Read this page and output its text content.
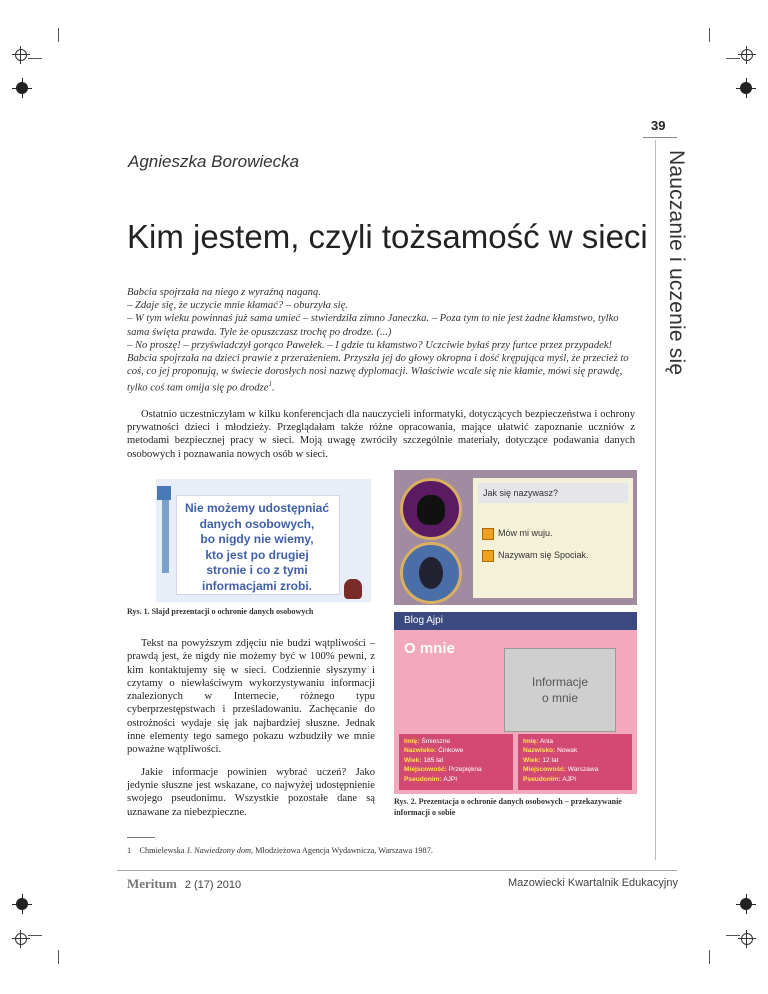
39
Nauczanie i uczenie się
Agnieszka Borowiecka
Kim jestem, czyli tożsamość w sieci

Babcia spojrzała na niego z wyraźną naganą.

– Zdaje się, że uczycie mnie kłamać? – oburzyła się.

– W tym wieku powinnaś już sama umieć – stwierdziła zimno Janeczka. – Poza tym to nie jest żadne kłamstwo, tylko sama święta prawda. Tyle że opuszczasz trochę po drodze. (...)

– No proszę! – przyświadczył gorąco Pawełek. – I gdzie tu kłamstwo? Uczciwie byłaś przy furtce przez przypadek!

Babcia spojrzała na dzieci prawie z przerażeniem. Przyszła jej do głowy okropna i dość krępująca myśl, że przecież to coś, co jej proponują, w świecie dorosłych nosi nazwę dyplomacji. Właściwie wcale się nie kłamie, mówi się prawdę, tylko coś tam omija się po drodze$^1$.

Ostatnio uczestniczyłam w kilku konferencjach dla nauczycieli informatyki, dotyczących bezpieczeństwa i ochrony prywatności dzieci i młodzieży. Przeglądałam także różne opracowania, mające ułatwić zapoznanie uczniów z metodami bezpiecznej pracy w sieci. Moją uwagę zwróciły szczególnie materiały, dotyczące podawania danych osobowych i poznawania nowych osób w sieci.
Nie możemy udostępniać
danych osobowych,
bo nigdy nie wiemy,
kto jest po drugiej
stronie i co z tymi
informacjami zrobi.
Rys. 1. Slajd prezentacji o ochronie danych osobowych
Jak się nazywasz?
Mów mi wuju.
Nazywam się Spociak.
Blog Ajpi
O mnie
Informacje
o mnie
Imię: Śmieszne
Nazwisko: Ćinkowe
Wiek: 185 lat
Miejscowość: Przepiękna
Pseudonim: AJPI
Imię: Ania
Nazwisko: Nowak
Wiek: 12 lat
Miejscowość: Warszawa
Pseudonim: AJPI
Rys. 2. Prezentacja o ochronie danych osobowych – przekazywanie informacji o sobie

Tekst na powyższym zdjęciu nie budzi wątpliwości – prawdą jest, że nigdy nie możemy być w 100% pewni, z kim kontaktujemy się w sieci. Codziennie słyszymy i czytamy o niewłaściwym wykorzystywaniu informacji znalezionych w Internecie, różnego typu cyberprzestępstwach i prześladowaniu. Zachęcanie do ostrożności wydaje się jak najbardziej słuszne. Jednak inne elementy tego samego pokazu wzbudziły we mnie poważne wątpliwości.

Jakie informacje powinien wybrać uczeń? Jako jedynie słuszne jest wskazane, co najwyżej udostępnienie swojego pseudonimu. Wszystkie pozostałe dane są uznawane za niebezpieczne.

1 Chmielewska J. Nawiedzony dom, Młodzieżowa Agencja Wydawnicza, Warszawa 1987.
Meritum 2 (17) 2010	Mazowiecki Kwartalnik Edukacyjny
